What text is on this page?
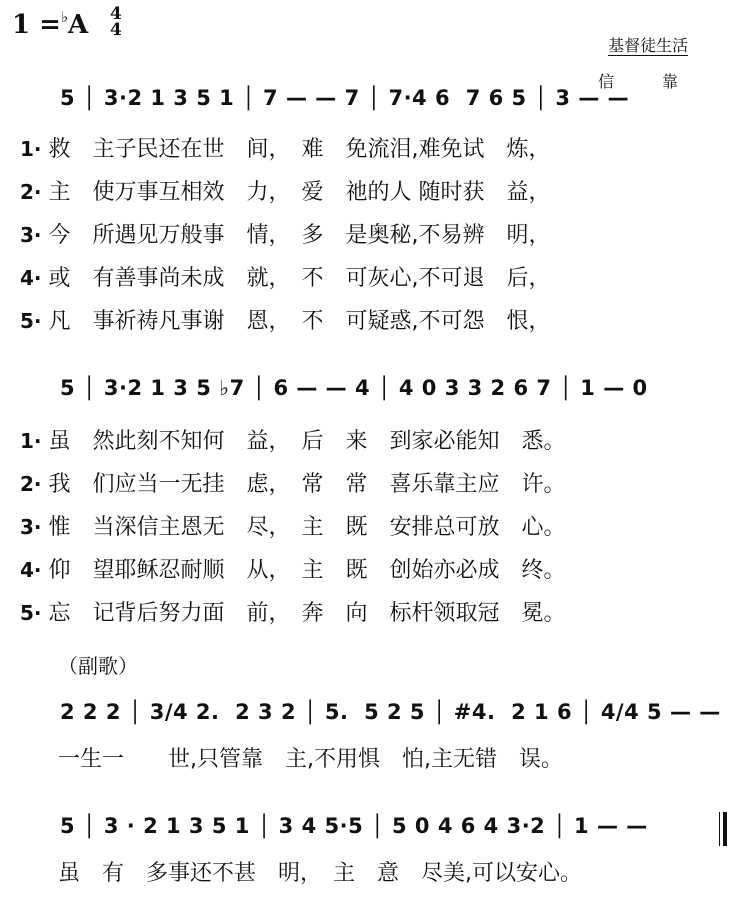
1 =♭A 4
4

基督徒生活

信　　　靠

5 │ 3·2 1 3 5 1 │ 7 — — 7 │ 7·4 6  7 6 5 │ 3 — —
1· 救　主子民还在世　间，　难　免流泪,难免试　炼，
2· 主　使万事互相效　力，　爱　祂的人 随时获　益，
3· 今　所遇见万般事　情，　多　是奥秘,不易辨　明，
4· 或　有善事尚未成　就，　不　可灰心,不可退　后，
5· 凡　事祈祷凡事谢　恩，　不　可疑惑,不可怨　恨，
5 │ 3·2 1 3 5 ♭7 │ 6 — — 4 │ 4 0 3 3 2 6 7 │ 1 — 0
1· 虽　然此刻不知何　益，　后　来　到家必能知　悉。
2· 我　们应当一无挂　虑，　常　常　喜乐靠主应　许。
3· 惟　当深信主恩无　尽，　主　既　安排总可放　心。
4· 仰　望耶稣忍耐顺　从，　主　既　创始亦必成　终。
5· 忘　记背后努力面　前，　奔　向　标杆领取冠　冕。
（副歌）
2 2 2 │ 3/4 2.  2 3 2 │ 5.  5 2 5 │ #4.  2 1 6 │ 4/4 5 — —
一生一　　世,只管靠　主,不用惧　怕,主无错　误。
5 │ 3 · 2 1 3 5 1 │ 3 4 5·5 │ 5 0 4 6 4 3·2 │ 1 — —
虽　有　多事还不甚　明，　主　意　尽美,可以安心。
